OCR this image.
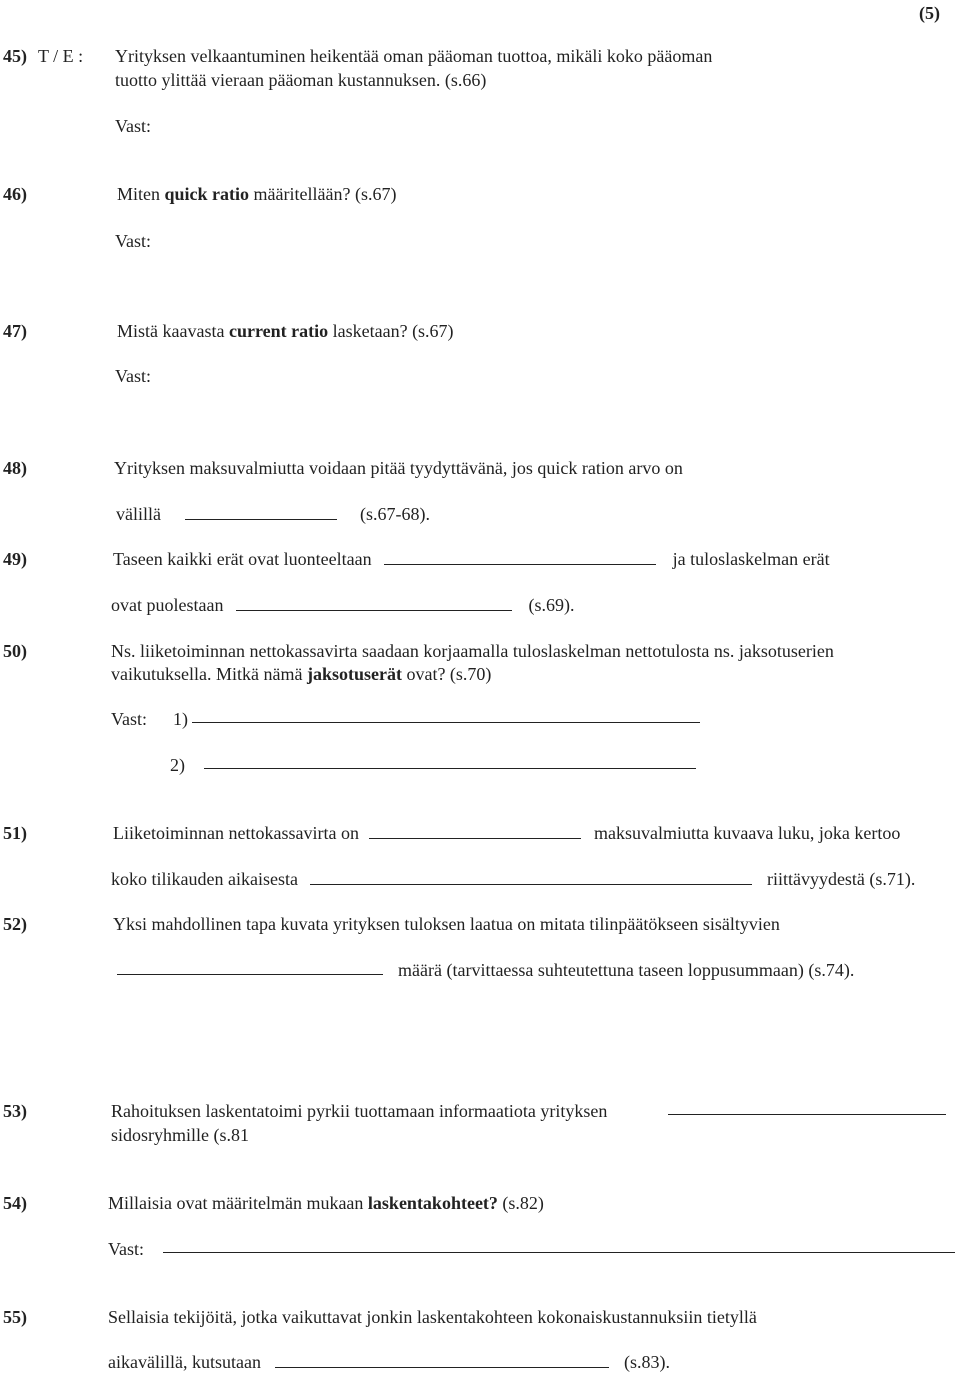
(5)
45) T / E : Yrityksen velkaantuminen heikentää oman pääoman tuottoa, mikäli koko pääoman
tuotto ylittää vieraan pääoman kustannuksen. (s.66)
Vast:
46)	Miten quick ratio määritellään? (s.67)
Vast:
47)	Mistä kaavasta current ratio lasketaan? (s.67)
Vast:
48)	Yrityksen maksuvalmiutta voidaan pitää tyydyttävänä, jos quick ration arvo on
välillä	(s.67-68).
49)	Taseen kaikki erät ovat luonteeltaan	ja tuloslaskelman erät
ovat puolestaan	(s.69).
50)	Ns. liiketoiminnan nettokassavirta saadaan korjaamalla tuloslaskelman nettotulosta ns. jaksotuserien
vaikutuksella. Mitkä nämä jaksotuserät ovat? (s.70)
Vast: 1)
2)
51)	Liiketoiminnan nettokassavirta on	maksuvalmiutta kuvaava luku, joka kertoo
koko tilikauden aikaisesta	riittävyydestä (s.71).
52)	Yksi mahdollinen tapa kuvata yrityksen tuloksen laatua on mitata tilinpäätökseen sisältyvien
määrä (tarvittaessa suhteutettuna taseen loppusummaan) (s.74).
53)	Rahoituksen laskentatoimi pyrkii tuottamaan informaatiota yrityksen
sidosryhmille (s.81
54)	Millaisia ovat määritelmän mukaan laskentakohteet? (s.82)
Vast:
55)	Sellaisia tekijöitä, jotka vaikuttavat jonkin laskentakohteen kokonaiskustannuksiin tietyllä
aikavälillä, kutsutaan	(s.83).
